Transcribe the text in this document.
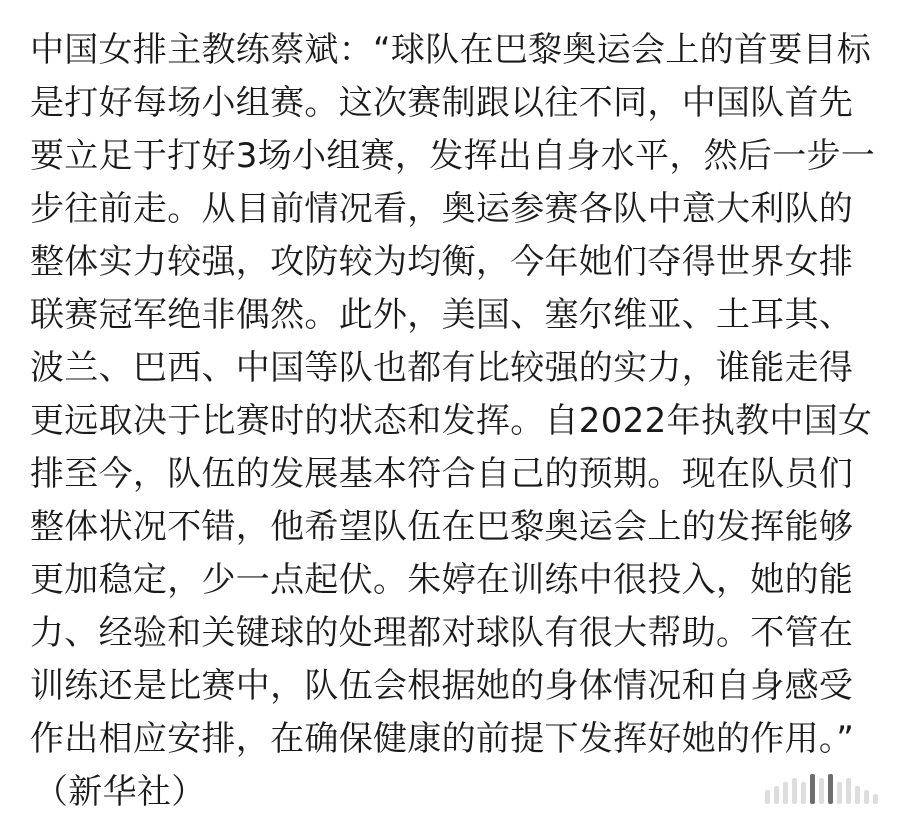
中国女排主教练蔡斌：“球队在巴黎奥运会上的首要目标
是打好每场小组赛。这次赛制跟以往不同，中国队首先
要立足于打好3场小组赛，发挥出自身水平，然后一步一
步往前走。从目前情况看，奥运参赛各队中意大利队的
整体实力较强，攻防较为均衡，今年她们夺得世界女排
联赛冠军绝非偶然。此外，美国、塞尔维亚、土耳其、
波兰、巴西、中国等队也都有比较强的实力，谁能走得
更远取决于比赛时的状态和发挥。自2022年执教中国女
排至今，队伍的发展基本符合自己的预期。现在队员们
整体状况不错，他希望队伍在巴黎奥运会上的发挥能够
更加稳定，少一点起伏。朱婷在训练中很投入，她的能
力、经验和关键球的处理都对球队有很大帮助。不管在
训练还是比赛中，队伍会根据她的身体情况和自身感受
作出相应安排，在确保健康的前提下发挥好她的作用。”
（新华社）
